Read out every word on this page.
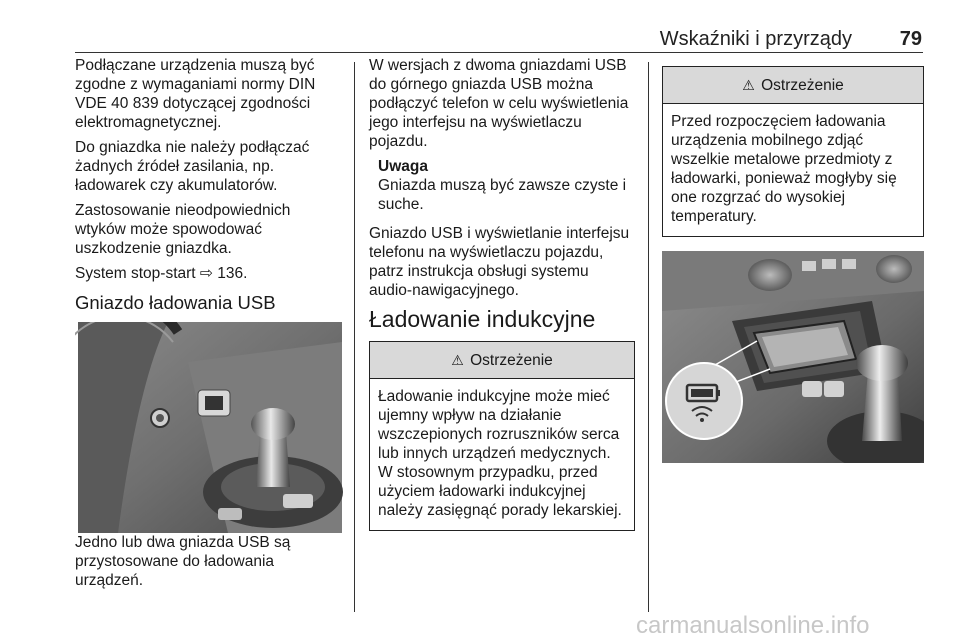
Wskaźniki i przyrządy	79

Podłączane urządzenia muszą być zgodne z wymaganiami normy DIN VDE 40 839 dotyczącej zgodności elektromagnetycznej.

Do gniazdka nie należy podłączać żadnych źródeł zasilania, np. ładowarek czy akumulatorów.

Zastosowanie nieodpowiednich wtyków może spowodować uszkodzenie gniazdka.

System stop-start ⇨ 136.

Gniazdo ładowania USB

Jedno lub dwa gniazda USB są przystosowane do ładowania urządzeń.

W wersjach z dwoma gniazdami USB do górnego gniazda USB można podłączyć telefon w celu wyświetlenia jego interfejsu na wyświetlaczu pojazdu.

Uwaga
Gniazda muszą być zawsze czyste i suche.

Gniazdo USB i wyświetlanie interfejsu telefonu na wyświetlaczu pojazdu, patrz instrukcja obsługi systemu audio-nawigacyjnego.

Ładowanie indukcyjne
⚠ Ostrzeżenie
Ładowanie indukcyjne może mieć ujemny wpływ na działanie wszczepionych rozruszników serca lub innych urządzeń medycznych. W stosownym przypadku, przed użyciem ładowarki indukcyjnej należy zasięgnąć porady lekarskiej.
⚠ Ostrzeżenie
Przed rozpoczęciem ładowania urządzenia mobilnego zdjąć wszelkie metalowe przedmioty z ładowarki, ponieważ mogłyby się one rozgrzać do wysokiej temperatury.
carmanualsonline.info
